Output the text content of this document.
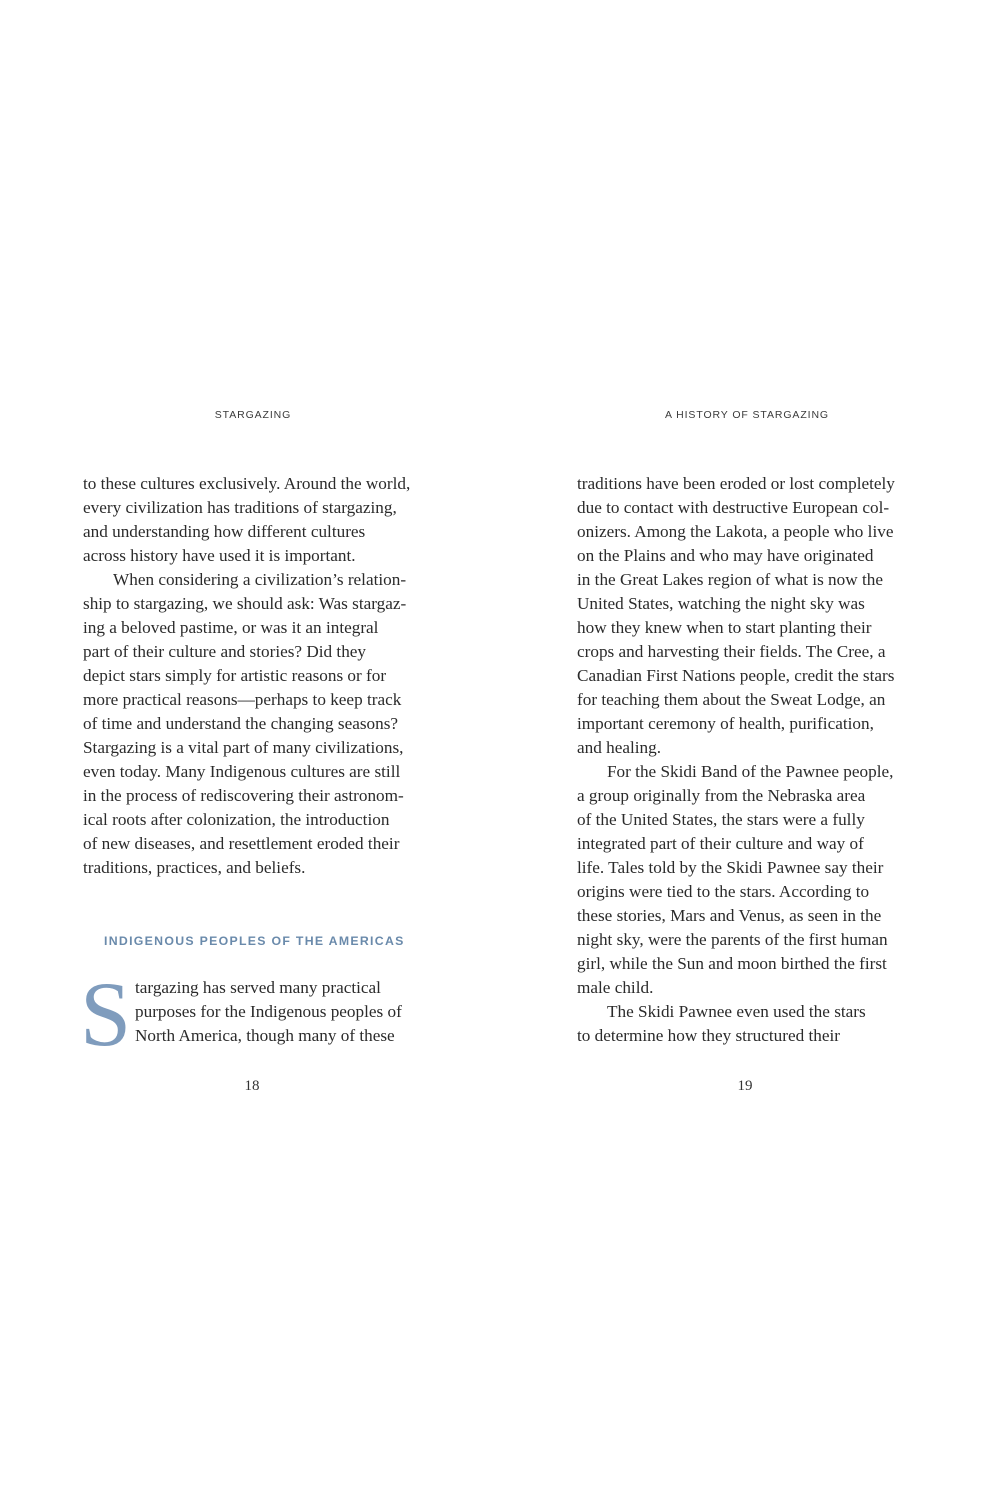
STARGAZING
to these cultures exclusively. Around the world,
every civilization has traditions of stargazing,
and understanding how different cultures
across history have used it is important.
When considering a civilization’s relation-
ship to stargazing, we should ask: Was stargaz-
ing a beloved pastime, or was it an integral
part of their culture and stories? Did they
depict stars simply for artistic reasons or for
more practical reasons—perhaps to keep track
of time and understand the changing seasons?
Stargazing is a vital part of many civilizations,
even today. Many Indigenous cultures are still
in the process of rediscovering their astronom-
ical roots after colonization, the introduction
of new diseases, and resettlement eroded their
traditions, practices, and beliefs.
INDIGENOUS PEOPLES OF THE AMERICAS
S targazing has served many practical
purposes for the Indigenous peoples of
North America, though many of these
18
A HISTORY OF STARGAZING
traditions have been eroded or lost completely
due to contact with destructive European col-
onizers. Among the Lakota, a people who live
on the Plains and who may have originated
in the Great Lakes region of what is now the
United States, watching the night sky was
how they knew when to start planting their
crops and harvesting their fields. The Cree, a
Canadian First Nations people, credit the stars
for teaching them about the Sweat Lodge, an
important ceremony of health, purification,
and healing.
For the Skidi Band of the Pawnee people,
a group originally from the Nebraska area
of the United States, the stars were a fully
integrated part of their culture and way of
life. Tales told by the Skidi Pawnee say their
origins were tied to the stars. According to
these stories, Mars and Venus, as seen in the
night sky, were the parents of the first human
girl, while the Sun and moon birthed the first
male child.
The Skidi Pawnee even used the stars
to determine how they structured their
19
